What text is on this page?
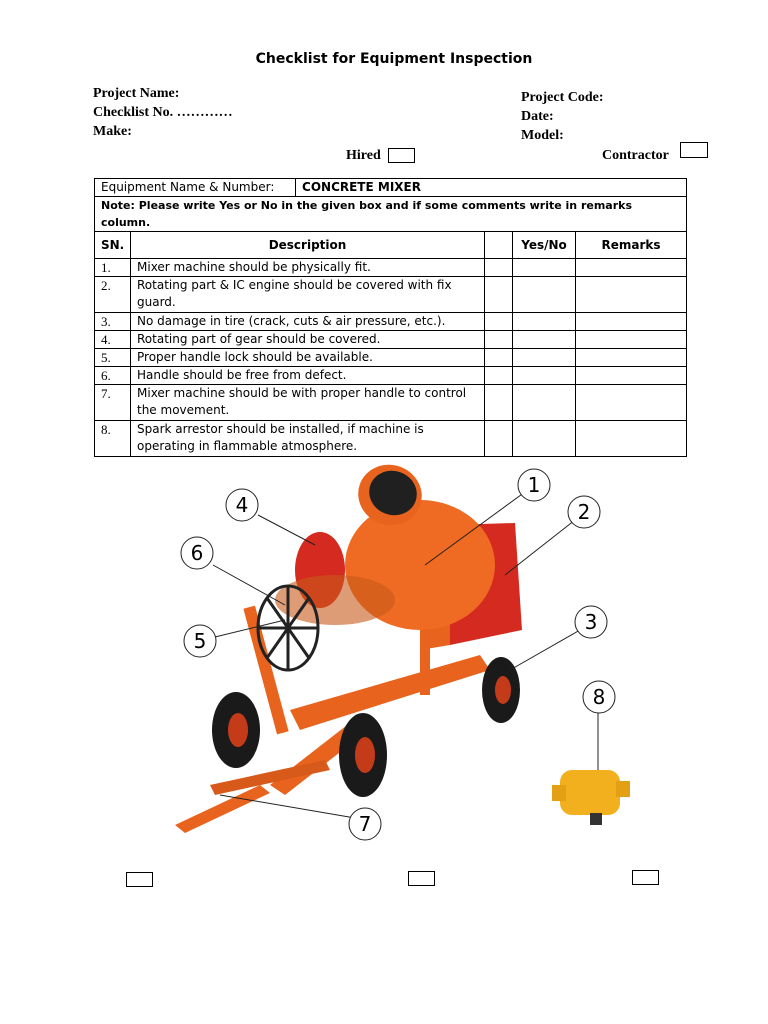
Checklist for Equipment Inspection
Project Name:
Checklist No. …………
Make:
Project Code:
Date:
Model:
Hired	Contractor
Equipment Name & Number:		CONCRETE MIXER			
Note: Please write Yes or No in the given box and if some comments write in remarks column.					
SN.	Description			Yes/No	Remarks
1.	Mixer machine should be physically fit.				
2.	Rotating part & IC engine should be covered with fix guard.				
3.	No damage in tire (crack, cuts & air pressure, etc.).				
4.	Rotating part of gear should be covered.				
5.	Proper handle lock should be available.				
6.	Handle should be free from defect.				
7.	Mixer machine should be with proper handle to control the movement.				
8.	Spark arrestor should be installed, if machine is operating in flammable atmosphere.				
1
2
3
4
5
6
7
8
